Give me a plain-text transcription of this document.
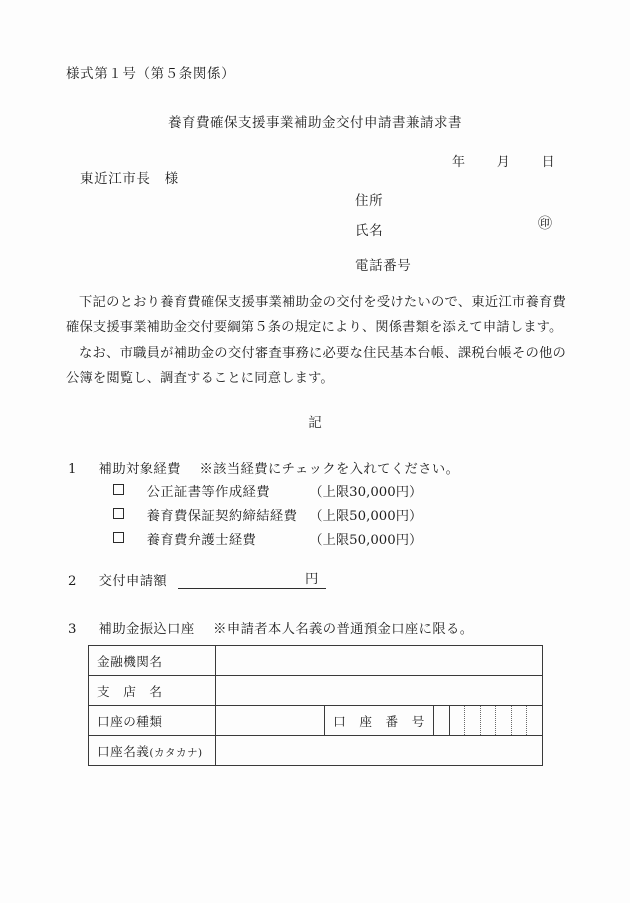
様式第１号（第５条関係）
養育費確保支援事業補助金交付申請書兼請求書
年 月 日
東近江市長　様
住所
氏名	㊞
電話番号
下記のとおり養育費確保支援事業補助金の交付を受けたいので、東近江市養育費確保支援事業補助金交付要綱第５条の規定により、関係書類を添えて申請します。
なお、市職員が補助金の交付審査事務に必要な住民基本台帳、課税台帳その他の公簿を閲覧し、調査することに同意します。
記
1 補助対象経費 ※該当経費にチェックを入れてください。
公正証書等作成経費	（上限30,000円）
養育費保証契約締結経費 （上限50,000円）
養育費弁護士経費	（上限50,000円）
2 交付申請額	円
3 補助金振込口座 ※申請者本人名義の普通預金口座に限る。
金融機関名			
支　店　名			
口座の種類		口　座　番　号	

口座名義(カタカナ)			
